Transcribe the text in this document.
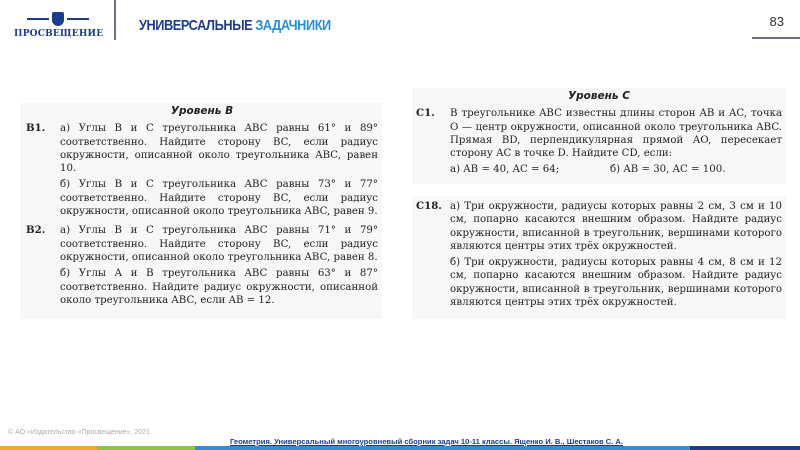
ПРОСВЕЩЕНИЕ УНИВЕРСАЛЬНЫЕ ЗАДАЧНИКИ	83
Уровень B
B1.	а) Углы B и C треугольника ABC равны 61° и 89° соответственно. Найдите сторону BC, если радиус окружности, описанной около треугольника ABC, равен 10.

б) Углы B и C треугольника ABC равны 73° и 77° соответственно. Найдите сторону BC, если радиус окружности, описанной около треугольника ABC, равен 9.

B2.	а) Углы B и C треугольника ABC равны 71° и 79° соответственно. Найдите сторону BC, если радиус окружности, описанной около треугольника ABC, равен 8.

б) Углы A и B треугольника ABC равны 63° и 87° соответственно. Найдите радиус окружности, описанной около треугольника ABC, если AB = 12.

Уровень C
C1.	В треугольнике ABC известны длины сторон AB и AC, точка O — центр окружности, описанной около треугольника ABC. Прямая BD, перпендикулярная прямой AO, пересекает сторону AC в точке D. Найдите CD, если:

а) AB = 40, AC = 64;	б) AB = 30, AC = 100.
C18. а) Три окружности, радиусы которых равны 2 см, 3 см и 10 см, попарно касаются внешним образом. Найдите радиус окружности, вписанной в треугольник, вершинами которого являются центры этих трёх окружностей.

б) Три окружности, радиусы которых равны 4 см, 8 см и 12 см, попарно касаются внешним образом. Найдите радиус окружности, вписанной в треугольник, вершинами которого являются центры этих трёх окружностей.

© АО «Издательство «Просвещение», 2021
Геометрия. Универсальный многоуровневый сборник задач 10-11 классы. Ященко И. В., Шестаков С. А.
